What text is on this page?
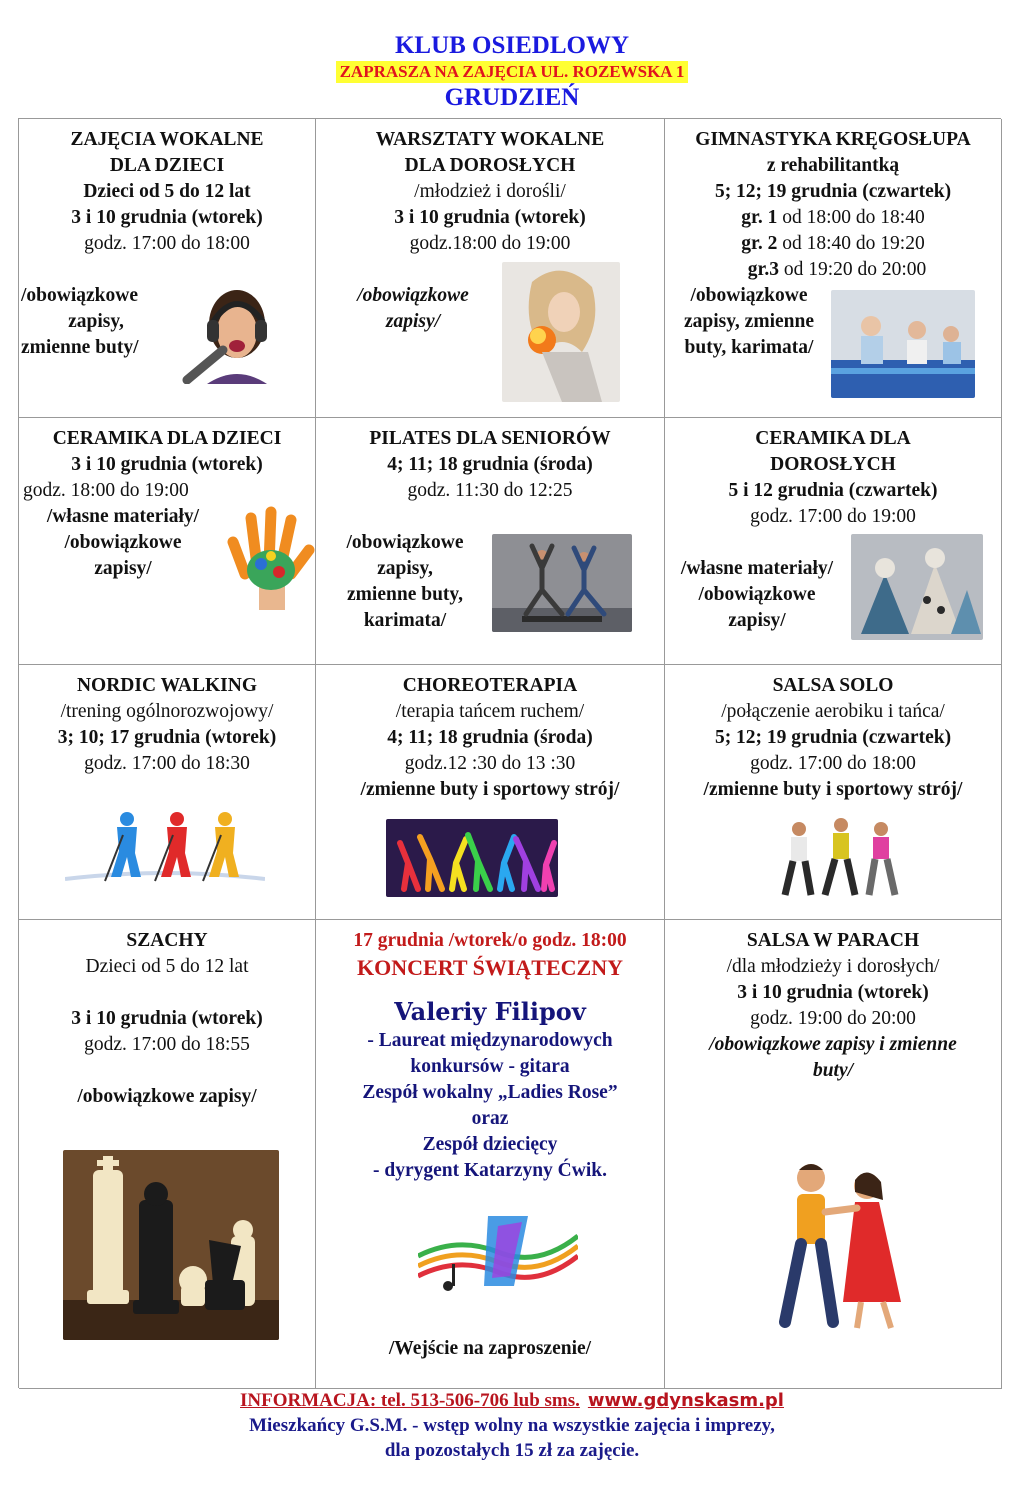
KLUB OSIEDLOWY
ZAPRASZA NA ZAJĘCIA UL. ROZEWSKA 1
GRUDZIEŃ
ZAJĘCIA WOKALNE
DLA DZIECI
Dzieci od 5 do 12 lat
3 i 10 grudnia (wtorek)
godz. 17:00 do 18:00
/obowiązkowe
zapisy,
zmienne buty/
WARSZTATY WOKALNE
DLA DOROSŁYCH
/młodzież i dorośli/
3 i 10 grudnia (wtorek)
godz.18:00 do 19:00
/obowiązkowe
zapisy/
GIMNASTYKA KRĘGOSŁUPA
z rehabilitantką
5; 12; 19 grudnia (czwartek)
gr. 1 od 18:00 do 18:40
gr. 2 od 18:40 do 19:20
gr.3 od 19:20 do 20:00
/obowiązkowe
zapisy, zmienne
buty, karimata/
CERAMIKA DLA DZIECI
3 i 10 grudnia (wtorek)
godz. 18:00 do 19:00
/własne materiały/
/obowiązkowe
zapisy/
PILATES DLA SENIORÓW
4; 11; 18 grudnia (środa)
godz. 11:30 do 12:25
/obowiązkowe
zapisy,
zmienne buty,
karimata/
CERAMIKA DLA
DOROSŁYCH
5 i 12 grudnia (czwartek)
godz. 17:00 do 19:00
/własne materiały/
/obowiązkowe
zapisy/
NORDIC WALKING
/trening ogólnorozwojowy/
3; 10; 17 grudnia (wtorek)
godz. 17:00 do 18:30
CHOREOTERAPIA
/terapia tańcem ruchem/
4; 11; 18 grudnia (środa)
godz.12 :30 do 13 :30
/zmienne buty i sportowy strój/
SALSA SOLO
/połączenie aerobiku i tańca/
5; 12; 19 grudnia (czwartek)
godz. 17:00 do 18:00
/zmienne buty i sportowy strój/
SZACHY
Dzieci od 5 do 12 lat
3 i 10 grudnia (wtorek)
godz. 17:00 do 18:55
/obowiązkowe zapisy/
17 grudnia /wtorek/o godz. 18:00
KONCERT ŚWIĄTECZNY
Valeriy Filipov
- Laureat międzynarodowych
konkursów - gitara
Zespół wokalny „Ladies Rose”
oraz
Zespół dziecięcy
- dyrygent Katarzyny Ćwik.
/Wejście na zaproszenie/
SALSA W PARACH
/dla młodzieży i dorosłych/
3 i 10 grudnia (wtorek)
godz. 19:00 do 20:00
/obowiązkowe zapisy i zmienne
buty/
INFORMACJA: tel. 513-506-706 lub sms. www.gdynskasm.pl
Mieszkańcy G.S.M. - wstęp wolny na wszystkie zajęcia i imprezy,
dla pozostałych 15 zł za zajęcie.
